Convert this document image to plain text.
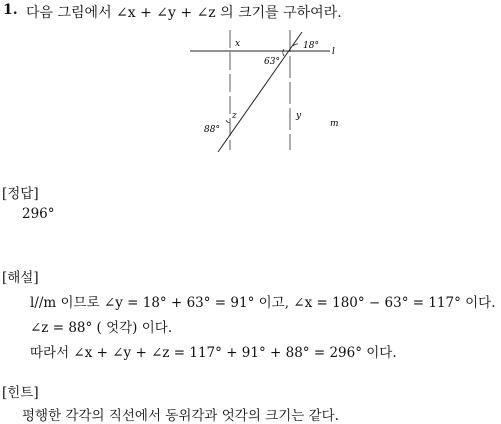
1. 다음 그림에서 ∠x + ∠y + ∠z 의 크기를 구하여라.
x	18°
l
63°
y
m
z
88°
[정답]
296°
[해설]
l//m 이므로 ∠y = 18° + 63° = 91° 이고, ∠x = 180° − 63° = 117° 이다.
∠z = 88° ( 엇각) 이다.
따라서 ∠x + ∠y + ∠z = 117° + 91° + 88° = 296° 이다.
[힌트]
평행한 각각의 직선에서 동위각과 엇각의 크기는 같다.
